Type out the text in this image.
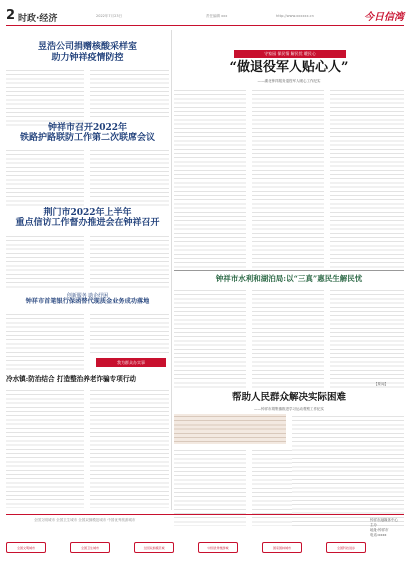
2 时政·经济	2022年7月23日	责任编辑 xxx	http://www.xxxxxx.cn	今日信湾
昱浩公司捐赠核酸采样室
助力钟祥疫情防控
钟祥市召开2022年
铁路护路联防工作第二次联席会议
荆门市2022年上半年
重点信访工作督办推进会在钟祥召开
创新服务 助企纾困
钟祥市首笔银行保函替代现质金业务成功落地
我为群众办实事
冷水镇:防治结合 打造整治养老诈骗专项行动
守家园 保民情 解民忧 暖民心
“做退役军人贴心人”
——湖北钟祥服务退役军人暖心工作纪实
钟祥市水利和湖泊局:以“三真”惠民生解民忧
【要闻】
帮助人民群众解决实际困难
——钟祥市胡集镇推进学习运动观察工作纪实
全国文明城市 全国卫生城市 全国双拥模范城市 中国优秀旅游城市
全国文明城市	全国卫生城市	全国双拥模范城	中国优秀旅游城	国家园林城市	全国科技进步
钟祥市融媒体中心
主办
地址:钟祥市
电话:xxxx
